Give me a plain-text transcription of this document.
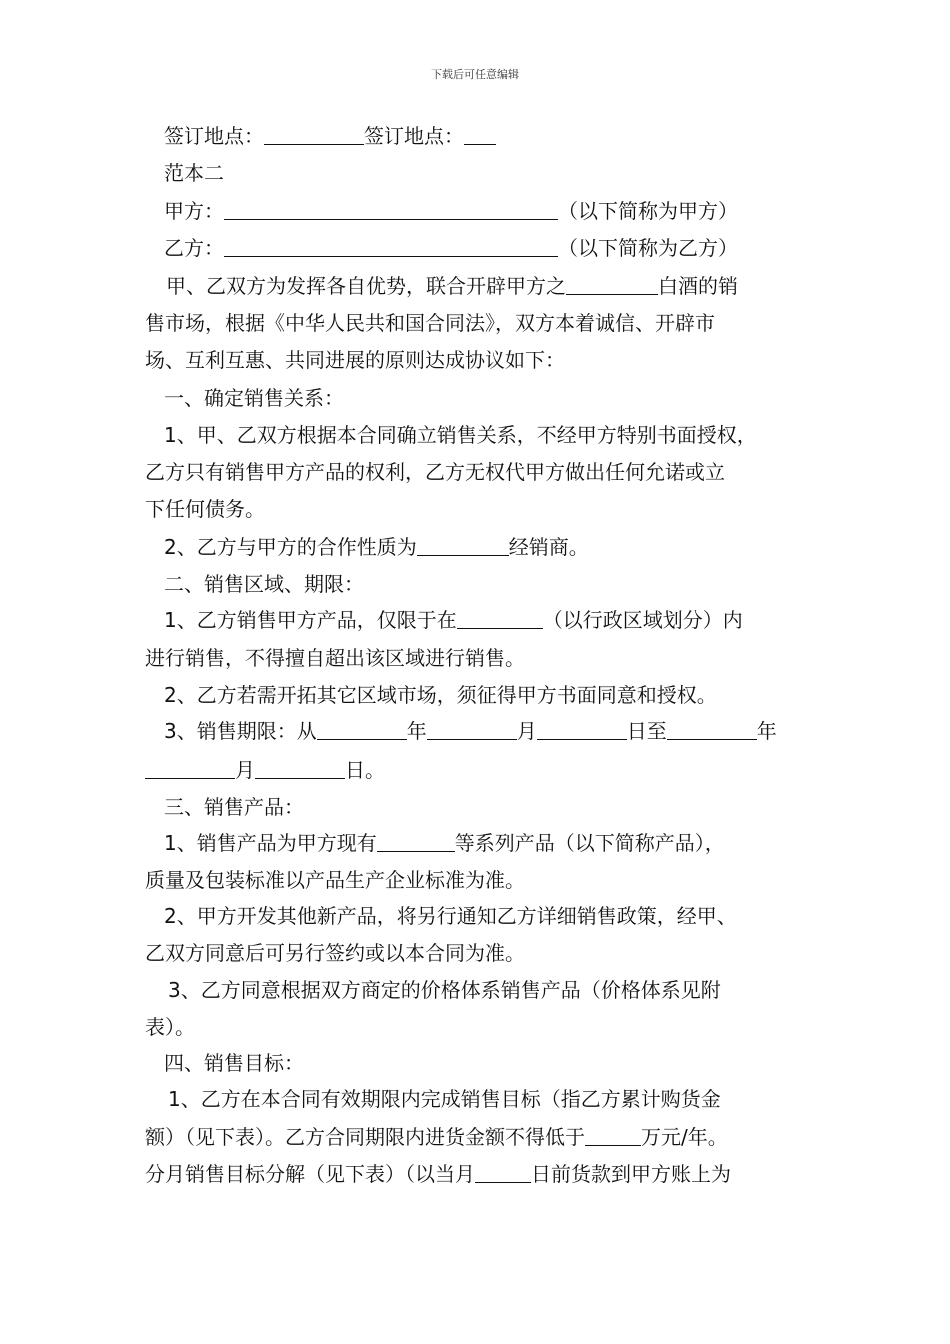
下载后可任意编辑
签订地点：	签订地点：
范本二
甲方：	（以下简称为甲方）
乙方：	（以下简称为乙方）
甲、乙双方为发挥各自优势，联合开辟甲方之	白酒的销
售市场，根据《中华人民共和国合同法》，双方本着诚信、开辟市
场、互利互惠、共同进展的原则达成协议如下：
一、确定销售关系：
1、甲、乙双方根据本合同确立销售关系，不经甲方特别书面授权，
乙方只有销售甲方产品的权利，乙方无权代甲方做出任何允诺或立
下任何债务。
2、乙方与甲方的合作性质为	经销商。
二、销售区域、期限：
1、乙方销售甲方产品，仅限于在	（以行政区域划分）内
进行销售，不得擅自超出该区域进行销售。
2、乙方若需开拓其它区域市场，须征得甲方书面同意和授权。
3、销售期限：从	年	月	日至	年
月	日。
三、销售产品：
1、销售产品为甲方现有	等系列产品（以下简称产品），
质量及包装标准以产品生产企业标准为准。
2、甲方开发其他新产品，将另行通知乙方详细销售政策，经甲、
乙双方同意后可另行签约或以本合同为准。
3、乙方同意根据双方商定的价格体系销售产品（价格体系见附
表）。
四、销售目标：
1、乙方在本合同有效期限内完成销售目标（指乙方累计购货金
额）（见下表）。乙方合同期限内进货金额不得低于	万元/年。
分月销售目标分解（见下表）（以当月	日前货款到甲方账上为
